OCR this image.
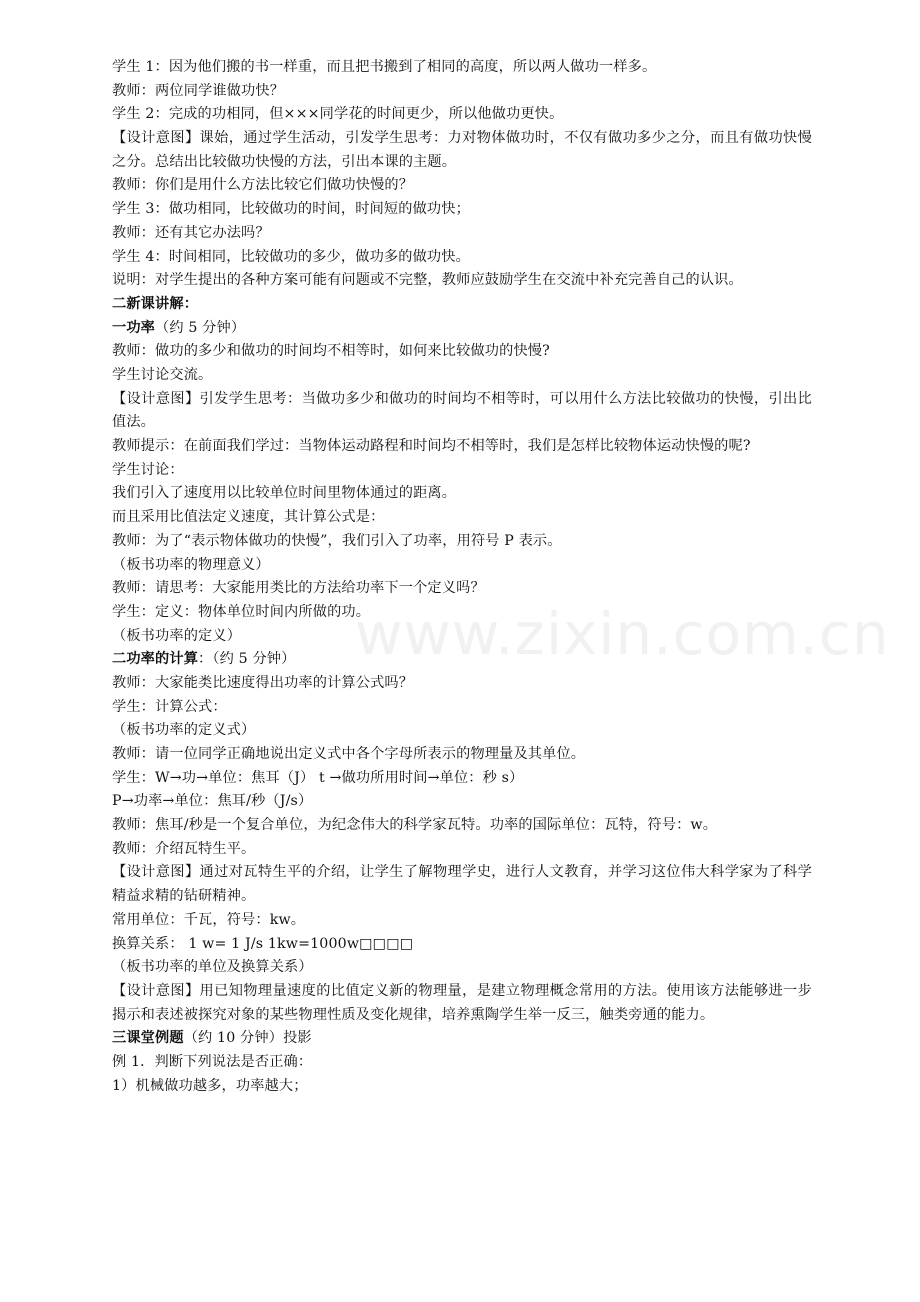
www.zixin.com.cn
学生 1：因为他们搬的书一样重，而且把书搬到了相同的高度，所以两人做功一样多。
教师：两位同学谁做功快？
学生 2：完成的功相同，但×××同学花的时间更少，所以他做功更快。
【设计意图】课始，通过学生活动，引发学生思考：力对物体做功时，不仅有做功多少之分，而且有做功快慢之分。总结出比较做功快慢的方法，引出本课的主题。
教师：你们是用什么方法比较它们做功快慢的？
学生 3：做功相同，比较做功的时间，时间短的做功快；
教师：还有其它办法吗？
学生 4：时间相同，比较做功的多少，做功多的做功快。
说明：对学生提出的各种方案可能有问题或不完整，教师应鼓励学生在交流中补充完善自己的认识。
二新课讲解：
一功率（约 5 分钟）
教师：做功的多少和做功的时间均不相等时，如何来比较做功的快慢?
学生讨论交流。
【设计意图】引发学生思考：当做功多少和做功的时间均不相等时，可以用什么方法比较做功的快慢，引出比值法。
教师提示：在前面我们学过：当物体运动路程和时间均不相等时，我们是怎样比较物体运动快慢的呢?
学生讨论：
我们引入了速度用以比较单位时间里物体通过的距离。
而且采用比值法定义速度，其计算公式是：
教师：为了“表示物体做功的快慢”，我们引入了功率，用符号 P 表示。
（板书功率的物理意义）
教师：请思考：大家能用类比的方法给功率下一个定义吗？
学生：定义：物体单位时间内所做的功。
（板书功率的定义）
二功率的计算：（约 5 分钟）
教师：大家能类比速度得出功率的计算公式吗？
学生：计算公式：
（板书功率的定义式）
教师：请一位同学正确地说出定义式中各个字母所表示的物理量及其单位。
学生：W→功→单位：焦耳（J） t →做功所用时间→单位：秒 s）
P→功率→单位：焦耳/秒（J/s）
教师：焦耳/秒是一个复合单位，为纪念伟大的科学家瓦特。功率的国际单位：瓦特，符号：w。
教师：介绍瓦特生平。
【设计意图】通过对瓦特生平的介绍，让学生了解物理学史，进行人文教育，并学习这位伟大科学家为了科学精益求精的钻研精神。
常用单位：千瓦，符号：kw。
换算关系： 1 w= 1 J/s 1kw=1000w□□□□
（板书功率的单位及换算关系）
【设计意图】用已知物理量速度的比值定义新的物理量，是建立物理概念常用的方法。使用该方法能够进一步揭示和表述被探究对象的某些物理性质及变化规律，培养熏陶学生举一反三，触类旁通的能力。
三课堂例题（约 10 分钟）投影
例 1．判断下列说法是否正确：
1）机械做功越多，功率越大；
